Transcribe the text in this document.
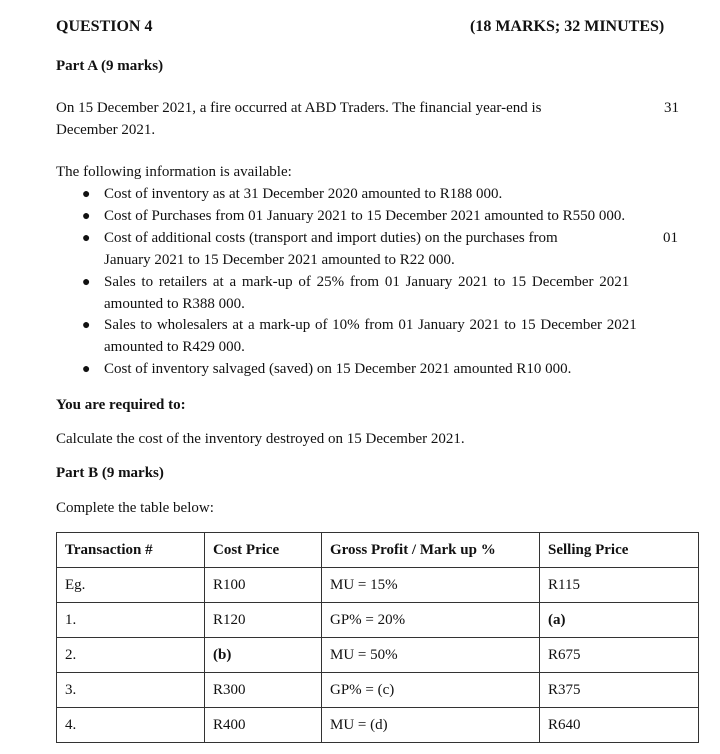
QUESTION 4	(18 MARKS; 32 MINUTES)
Part A (9 marks)
On 15 December 2021, a fire occurred at ABD Traders. The financial year-end is	31
December 2021.
The following information is available:
● Cost of inventory as at 31 December 2020 amounted to R188 000.
● Cost of Purchases from 01 January 2021 to 15 December 2021 amounted to R550 000.
● Cost of additional costs (transport and import duties) on the purchases from	01
January 2021 to 15 December 2021 amounted to R22 000.
● Sales to retailers at a mark-up of 25% from 01 January 2021 to 15 December 2021
amounted to R388 000.
● Sales to wholesalers at a mark-up of 10% from 01 January 2021 to 15 December 2021
amounted to R429 000.
● Cost of inventory salvaged (saved) on 15 December 2021 amounted R10 000.
You are required to:
Calculate the cost of the inventory destroyed on 15 December 2021.
Part B (9 marks)
Complete the table below:
Transaction #	Cost Price	Gross Profit / Mark up %	Selling Price
Eg.	R100	MU = 15%	R115
1.	R120	GP% = 20%	(a)
2.	(b)	MU = 50%	R675
3.	R300	GP% = (c)	R375
4.	R400	MU = (d)	R640
